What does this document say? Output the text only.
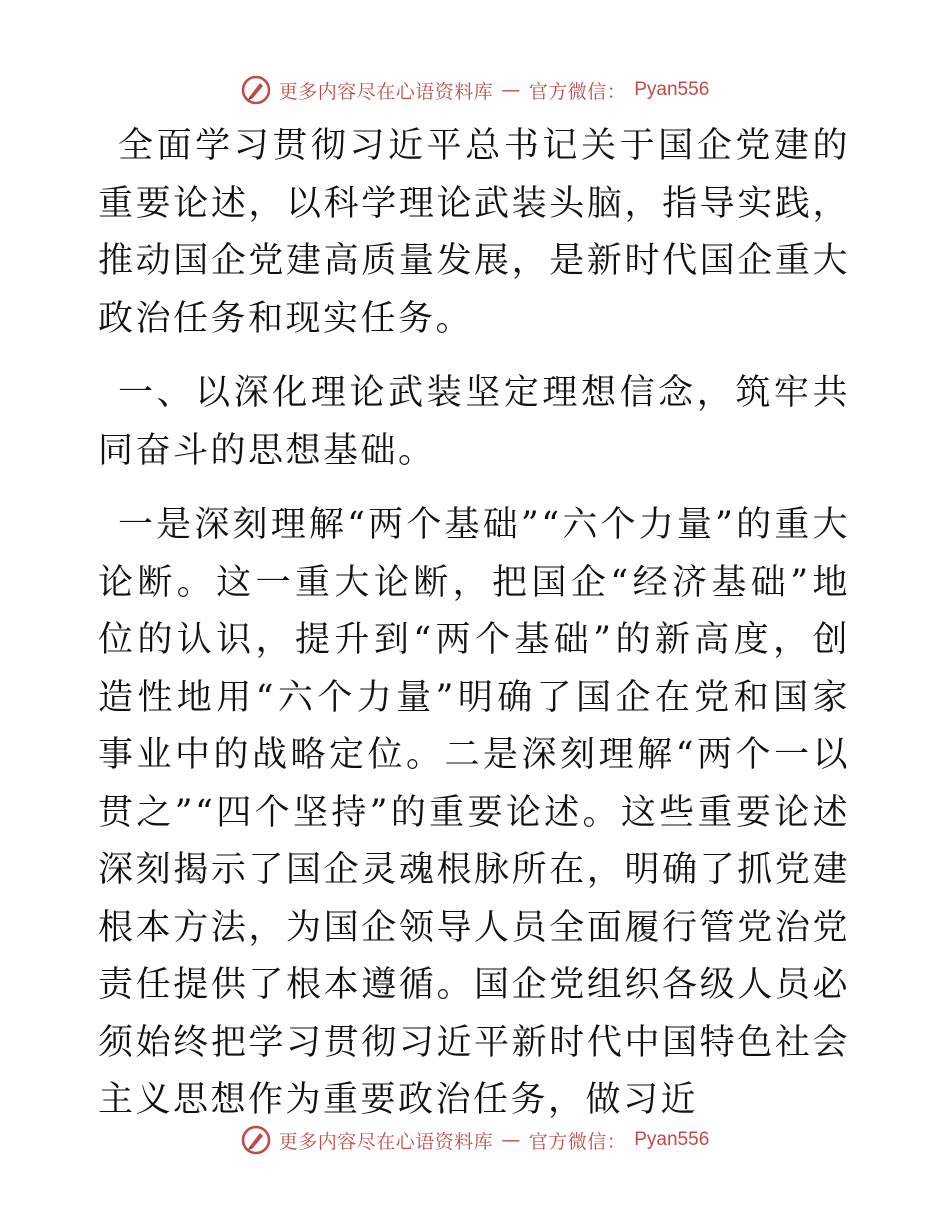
更多内容尽在心语资料库 — 官方微信： Pyan556

全面学习贯彻习近平总书记关于国企党建的重要论述，以科学理论武装头脑，指导实践，推动国企党建高质量发展，是新时代国企重大政治任务和现实任务。

一、以深化理论武装坚定理想信念，筑牢共同奋斗的思想基础。

一是深刻理解“两个基础”“六个力量”的重大论断。这一重大论断，把国企“经济基础”地位的认识，提升到“两个基础”的新高度，创造性地用“六个力量”明确了国企在党和国家事业中的战略定位。二是深刻理解“两个一以贯之”“四个坚持”的重要论述。这些重要论述深刻揭示了国企灵魂根脉所在，明确了抓党建根本方法，为国企领导人员全面履行管党治党责任提供了根本遵循。国企党组织各级人员必须始终把学习贯彻习近平新时代中国特色社会主义思想作为重要政治任务，做习近

更多内容尽在心语资料库 — 官方微信： Pyan556
